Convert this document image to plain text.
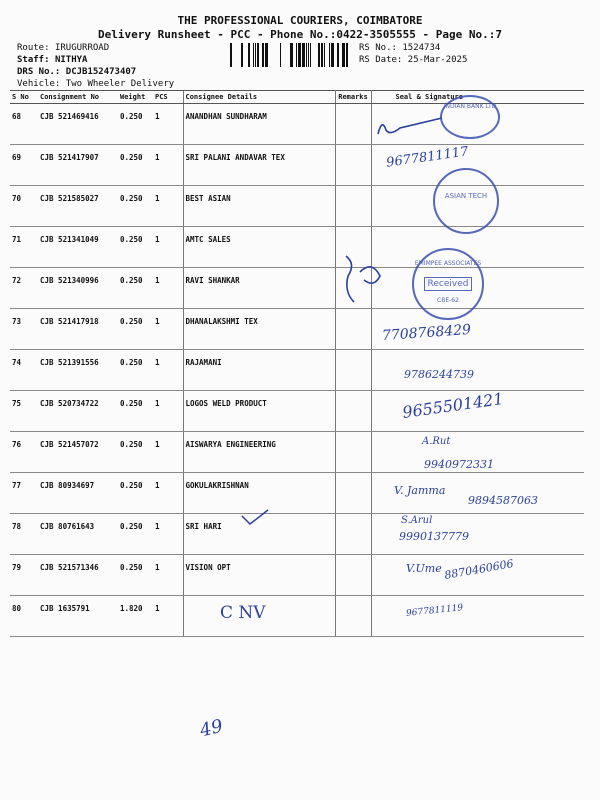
THE PROFESSIONAL COURIERS, COIMBATORE
Delivery Runsheet - PCC - Phone No.:0422-3505555 - Page No.:7
Route: IRUGURROAD
Staff: NITHYA
DRS No.: DCJB152473407
Vehicle: Two Wheeler Delivery
RS No.: 1524734
RS Date: 25-Mar-2025
S No	Consignment No	Weight	PCS	Consignee Details	Remarks	Seal & Signature
68	CJB 521469416	0.250	1	ANANDHAN SUNDHARAM		
69	CJB 521417907	0.250	1	SRI PALANI ANDAVAR TEX		
70	CJB 521585027	0.250	1	BEST ASIAN		
71	CJB 521341049	0.250	1	AMTC SALES		
72	CJB 521340996	0.250	1	RAVI SHANKAR		
73	CJB 521417918	0.250	1	DHANALAKSHMI TEX		
74	CJB 521391556	0.250	1	RAJAMANI		
75	CJB 520734722	0.250	1	LOGOS WELD PRODUCT		
76	CJB 521457072	0.250	1	AISWARYA ENGINEERING		
77	CJB 80934697	0.250	1	GOKULAKRISHNAN		
78	CJB 80761643	0.250	1	SRI HARI		
79	CJB 521571346	0.250	1	VISION OPT		
80	CJB 1635791	1.820	1			
INDIAN BANK LTD
9677811117
ASIAN TECH
EMIMPEE ASSOCIATES
Received
CBE-62
7708768429
9786244739
9655501421
A.Rut
9940972331
V. Jamma
9894587063
S.Arul
9990137779
V.Ume 8870460606
9677811119
C NV
49
